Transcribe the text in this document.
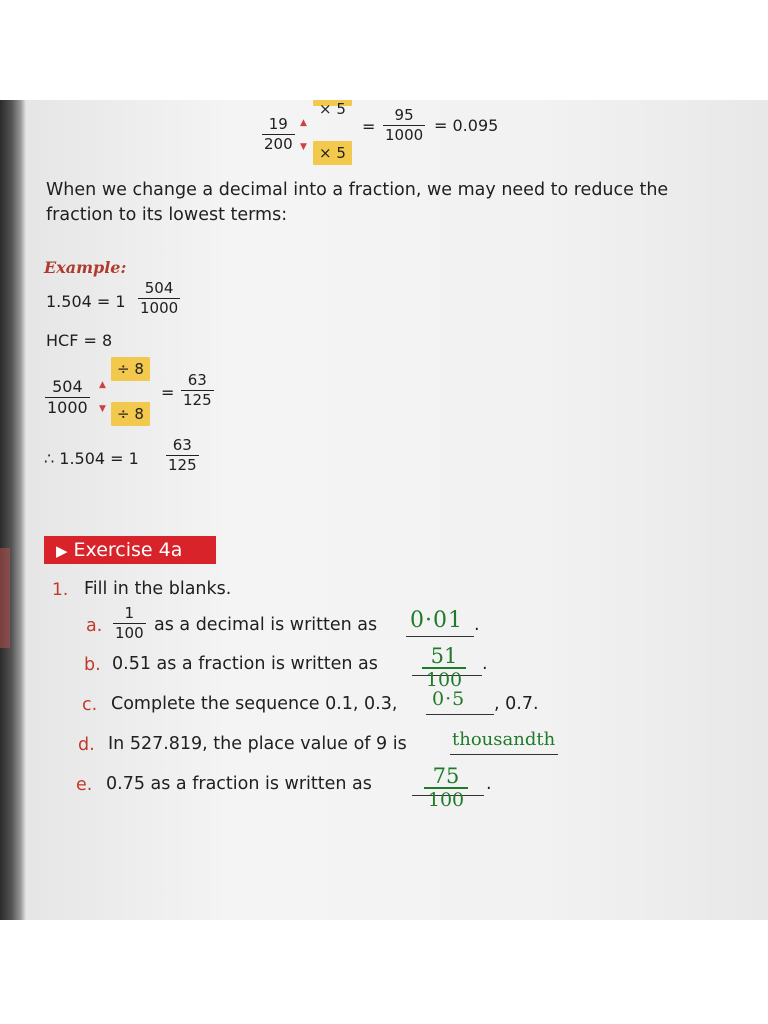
$\frac{19}{200}$ ▲
▼ × 5
= $\frac{95}{1000} = 0.095$
When we change a decimal into a fraction, we may need to reduce the fraction to its lowest terms:
Example:
$1.504 = 1 \frac{504}{1000}$
HCF = 8
÷ 8
$\frac{504}{1000}$ ▲
▼ ÷ 8
= $\frac{63}{125}$
∴ $1.504 = 1 \frac{63}{125}$
▶ Exercise 4a
1. Fill in the blanks.
a. $\frac{1}{100}$ as a decimal is written as 0·01 .
b. 0.51 as a fraction is written as	51
100
.
c. Complete the sequence 0.1, 0.3, 0·5 , 0.7.
d. In 527.819, the place value of 9 is	thousandth
e. 0.75 as a fraction is written as	75
100
.
